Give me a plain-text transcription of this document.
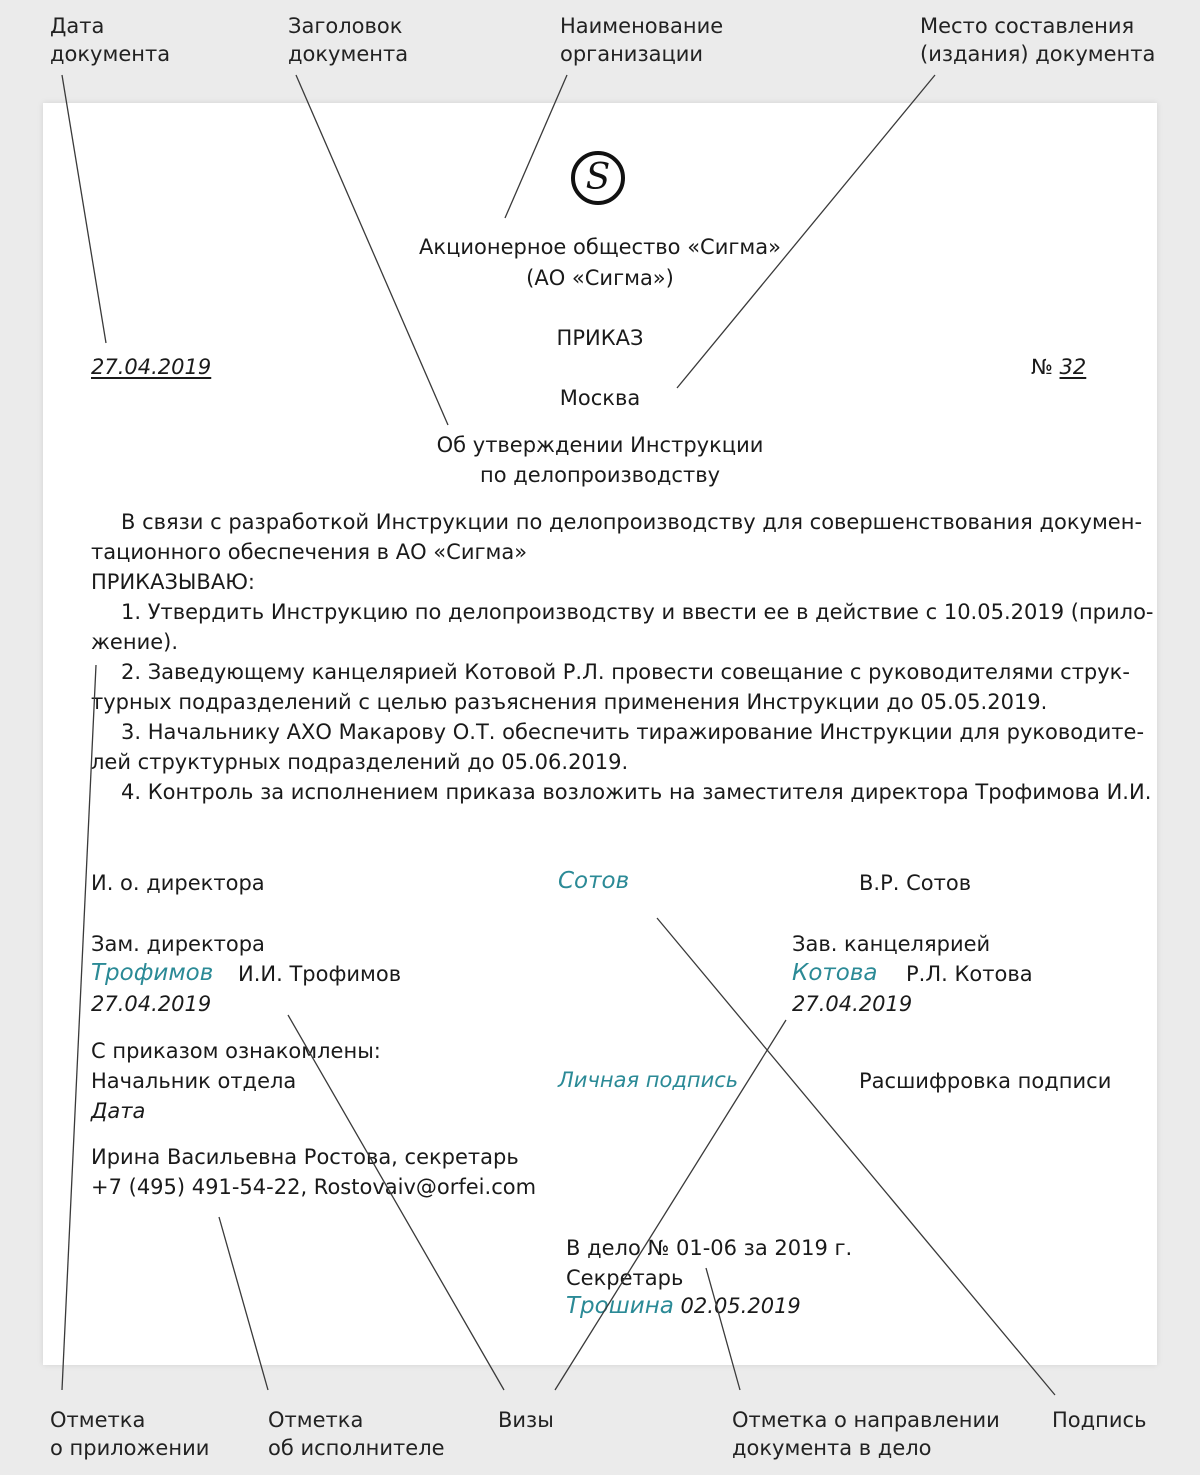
Дата
документа
Заголовок
документа
Наименование
организации
Место составления
(издания) документа
S
Акционерное общество «Сигма»
(АО «Сигма»)
ПРИКАЗ
27.04.2019	№ 32
Москва
Об утверждении Инструкции
по делопроизводству
В связи с разработкой Инструкции по делопроизводству для совершенствования докумен-
тационного обеспечения в АО «Сигма»
ПРИКАЗЫВАЮ:
1. Утвердить Инструкцию по делопроизводству и ввести ее в действие с 10.05.2019 (прило-
жение).
2. Заведующему канцелярией Котовой Р.Л. провести совещание с руководителями струк-
турных подразделений с целью разъяснения применения Инструкции до 05.05.2019.
3. Начальнику АХО Макарову О.Т. обеспечить тиражирование Инструкции для руководите-
лей структурных подразделений до 05.06.2019.
4. Контроль за исполнением приказа возложить на заместителя директора Трофимова И.И.
И. о. директора	Сотов	В.Р. Сотов
Зам. директора
Трофимов И.И. Трофимов
27.04.2019
Зав. канцелярией
Котова Р.Л. Котова
27.04.2019
С приказом ознакомлены:
Начальник отдела	Личная подпись	Расшифровка подписи
Дата
Ирина Васильевна Ростова, секретарь
+7 (495) 491-54-22, Rostovaiv@orfei.com
В дело № 01-06 за 2019 г.
Секретарь
Трошина 02.05.2019
Отметка
о приложении
Отметка
об исполнителе
Визы	Отметка о направлении
документа в дело
Подпись
